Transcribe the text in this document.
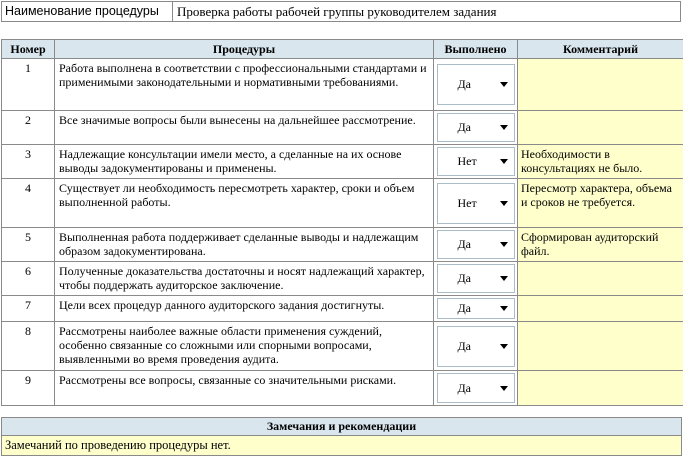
Наименование процедуры	Проверка работы рабочей группы руководителем задания
Номер	Процедуры	Выполнено	Комментарий
1	Работа выполнена в соответствии с профессиональными стандартами и применимыми законодательными и нормативными требованиями.	Да	

2	Все значимые вопросы были вынесены на дальнейшее рассмотрение.	Да	

3	Надлежащие консультации имели место, а сделанные на их основе выводы задокументированы и применены.	Нет	Необходимости в консультациях не было.
4	Существует ли необходимость пересмотреть характер, сроки и объем выполненной работы.	Нет	Пересмотр характера, объема и сроков не требуется.
5	Выполненная работа поддерживает сделанные выводы и надлежащим образом задокументирована.	Да	Сформирован аудиторский файл.
6	Полученные доказательства достаточны и носят надлежащий характер, чтобы поддержать аудиторское заключение.	Да	

7	Цели всех процедур данного аудиторского задания достигнуты.	Да	

8	Рассмотрены наиболее важные области применения суждений, особенно связанные со сложными или спорными вопросами, выявленными во время проведения аудита.	Да	

9	Рассмотрены все вопросы, связанные со значительными рисками.	Да	

Замечания и рекомендации
Замечаний по проведению процедуры нет.
